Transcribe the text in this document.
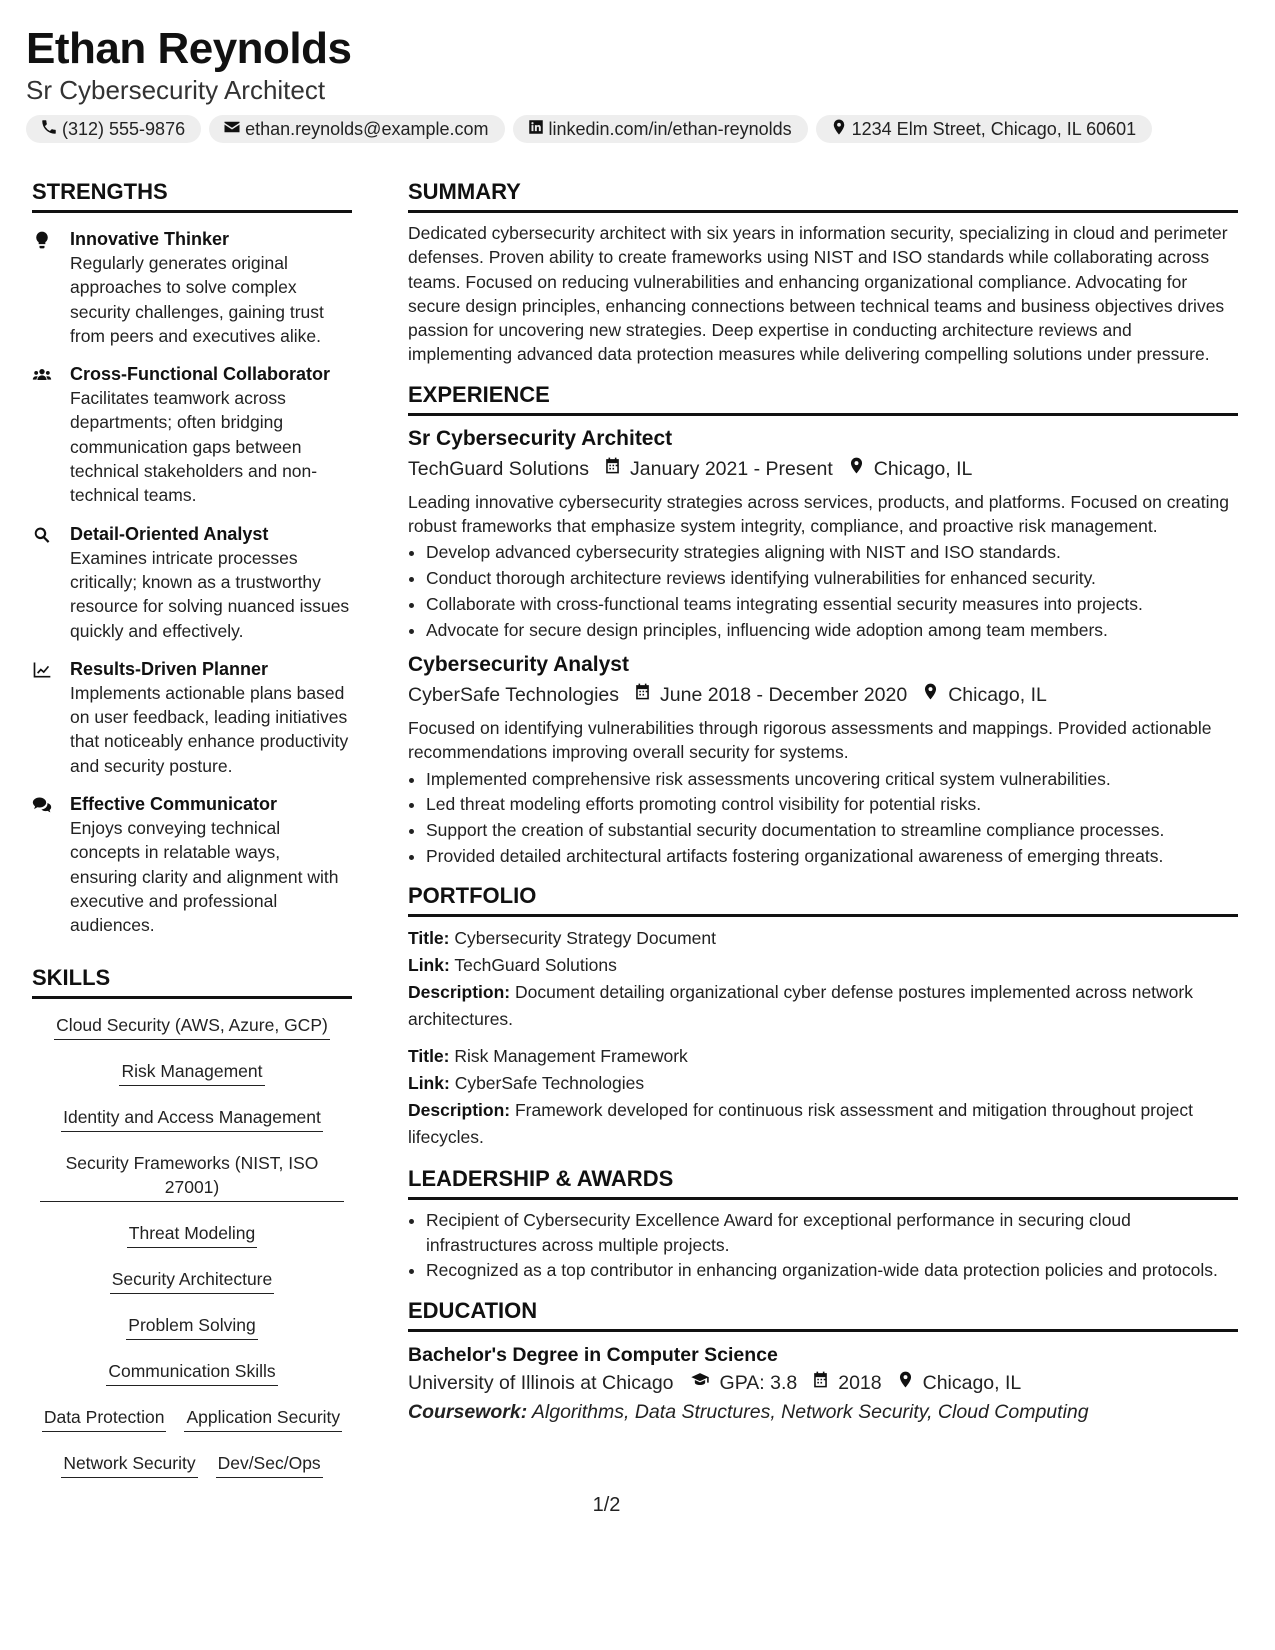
Ethan Reynolds
Sr Cybersecurity Architect
(312) 555-9876	ethan.reynolds@example.com	linkedin.com/in/ethan-reynolds	1234 Elm Street, Chicago, IL 60601
STRENGTHS
Innovative Thinker
Regularly generates original approaches to solve complex security challenges, gaining trust from peers and executives alike.
Cross-Functional Collaborator
Facilitates teamwork across departments; often bridging communication gaps between technical stakeholders and non-technical teams.
Detail-Oriented Analyst
Examines intricate processes critically; known as a trustworthy resource for solving nuanced issues quickly and effectively.
Results-Driven Planner
Implements actionable plans based on user feedback, leading initiatives that noticeably enhance productivity and security posture.
Effective Communicator
Enjoys conveying technical concepts in relatable ways, ensuring clarity and alignment with executive and professional audiences.
SKILLS
Cloud Security (AWS, Azure, GCP)
Risk Management
Identity and Access Management
Security Frameworks (NIST, ISO 27001)
Threat Modeling
Security Architecture
Problem Solving
Communication Skills
Data Protection Application Security
Network Security Dev/Sec/Ops
SUMMARY
Dedicated cybersecurity architect with six years in information security, specializing in cloud and perimeter defenses. Proven ability to create frameworks using NIST and ISO standards while collaborating across teams. Focused on reducing vulnerabilities and enhancing organizational compliance. Advocating for secure design principles, enhancing connections between technical teams and business objectives drives passion for uncovering new strategies. Deep expertise in conducting architecture reviews and implementing advanced data protection measures while delivering compelling solutions under pressure.
EXPERIENCE
Sr Cybersecurity Architect
TechGuard Solutions January 2021 - Present Chicago, IL
Leading innovative cybersecurity strategies across services, products, and platforms. Focused on creating robust frameworks that emphasize system integrity, compliance, and proactive risk management.
• Develop advanced cybersecurity strategies aligning with NIST and ISO standards.
• Conduct thorough architecture reviews identifying vulnerabilities for enhanced security.
• Collaborate with cross-functional teams integrating essential security measures into projects.
• Advocate for secure design principles, influencing wide adoption among team members.
Cybersecurity Analyst
CyberSafe Technologies June 2018 - December 2020 Chicago, IL
Focused on identifying vulnerabilities through rigorous assessments and mappings. Provided actionable recommendations improving overall security for systems.
• Implemented comprehensive risk assessments uncovering critical system vulnerabilities.
• Led threat modeling efforts promoting control visibility for potential risks.
• Support the creation of substantial security documentation to streamline compliance processes.
• Provided detailed architectural artifacts fostering organizational awareness of emerging threats.
PORTFOLIO
Title: Cybersecurity Strategy Document
Link: TechGuard Solutions
Description: Document detailing organizational cyber defense postures implemented across network architectures.
Title: Risk Management Framework
Link: CyberSafe Technologies
Description: Framework developed for continuous risk assessment and mitigation throughout project lifecycles.
LEADERSHIP & AWARDS
• Recipient of Cybersecurity Excellence Award for exceptional performance in securing cloud infrastructures across multiple projects.
• Recognized as a top contributor in enhancing organization-wide data protection policies and protocols.
EDUCATION
Bachelor's Degree in Computer Science
University of Illinois at Chicago GPA: 3.8 2018 Chicago, IL
Coursework: Algorithms, Data Structures, Network Security, Cloud Computing
1/2
